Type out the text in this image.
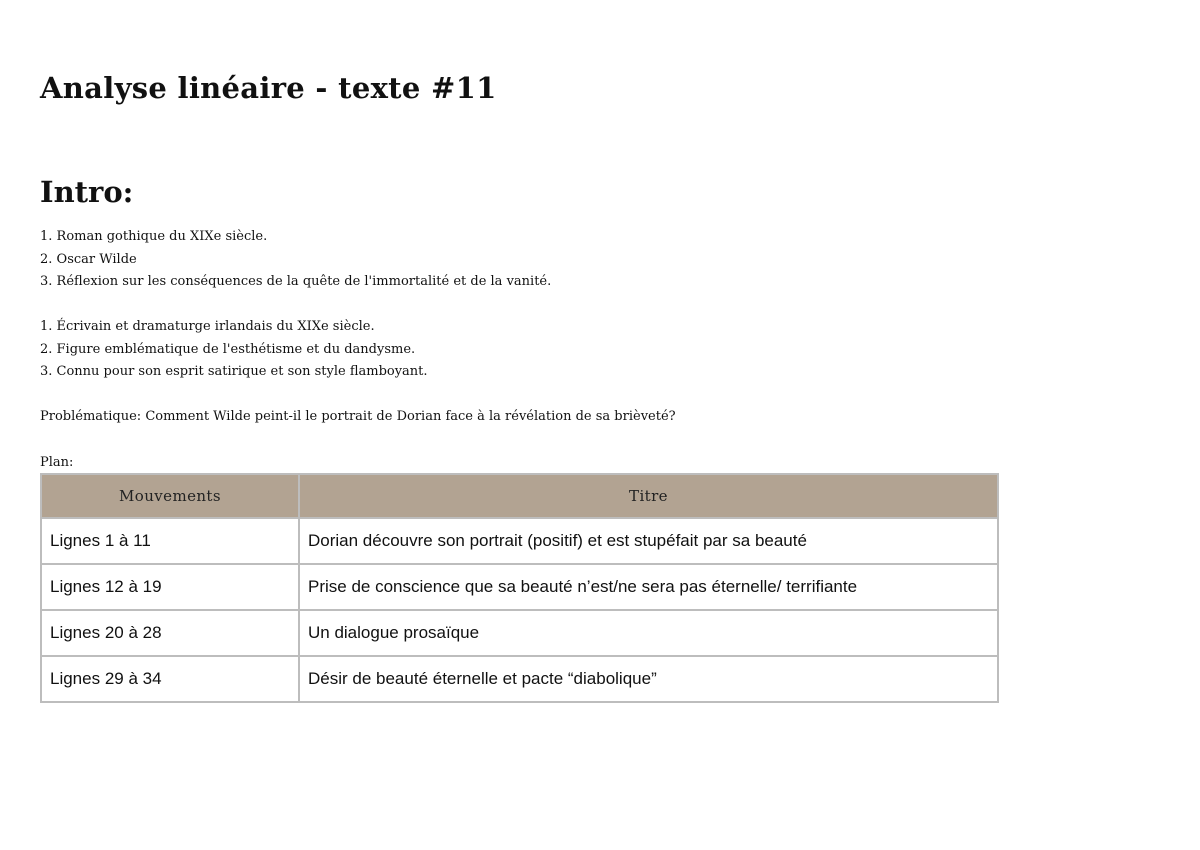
Analyse linéaire - texte #11
Intro:
1. Roman gothique du XIXe siècle.
2. Oscar Wilde
3. Réflexion sur les conséquences de la quête de l'immortalité et de la vanité.
1. Écrivain et dramaturge irlandais du XIXe siècle.
2. Figure emblématique de l'esthétisme et du dandysme.
3. Connu pour son esprit satirique et son style flamboyant.
Problématique: Comment Wilde peint-il le portrait de Dorian face à la révélation de sa brièveté?
Plan:
Mouvements	Titre
Lignes 1 à 11	Dorian découvre son portrait (positif) et est stupéfait par sa beauté
Lignes 12 à 19	Prise de conscience que sa beauté n’est/ne sera pas éternelle/ terrifiante
Lignes 20 à 28	Un dialogue prosaïque
Lignes 29 à 34	Désir de beauté éternelle et pacte “diabolique”
